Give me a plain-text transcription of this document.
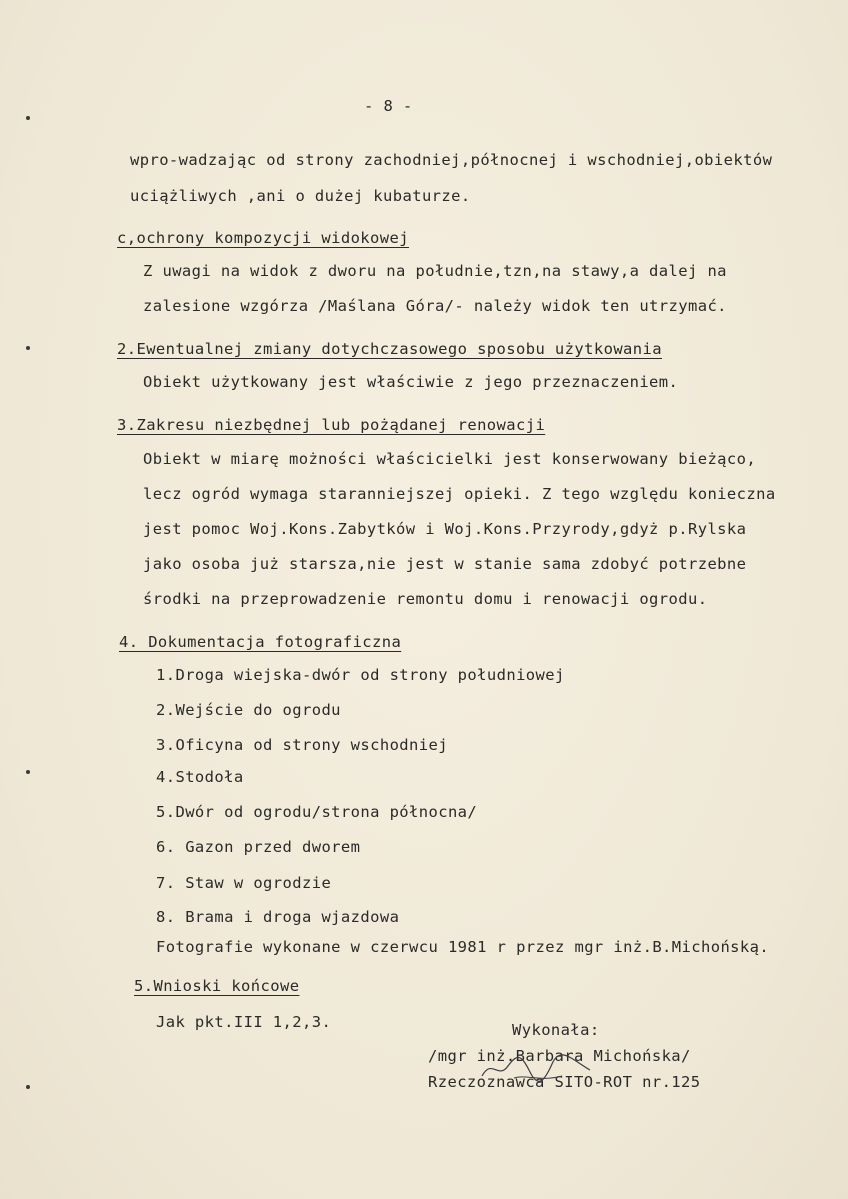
- 8 -
wpro-wadzając od strony zachodniej,północnej i wschodniej,obiektów
uciążliwych ,ani o dużej kubaturze.
c,ochrony kompozycji widokowej
Z uwagi na widok z dworu na południe,tzn,na stawy,a dalej na
zalesione wzgórza /Maślana Góra/- należy widok ten utrzymać.
2.Ewentualnej zmiany dotychczasowego sposobu użytkowania
Obiekt użytkowany jest właściwie z jego przeznaczeniem.
3.Zakresu niezbędnej lub pożądanej renowacji
Obiekt w miarę możności właścicielki jest konserwowany bieżąco,
lecz ogród wymaga staranniejszej opieki. Z tego względu konieczna
jest pomoc Woj.Kons.Zabytków i Woj.Kons.Przyrody,gdyż p.Rylska
jako osoba już starsza,nie jest w stanie sama zdobyć potrzebne
środki na przeprowadzenie remontu domu i renowacji ogrodu.
4. Dokumentacja fotograficzna
1.Droga wiejska-dwór od strony południowej
2.Wejście do ogrodu
3.Oficyna od strony wschodniej
4.Stodoła
5.Dwór od ogrodu/strona północna/
6. Gazon przed dworem
7. Staw w ogrodzie
8. Brama i droga wjazdowa
Fotografie wykonane w czerwcu 1981 r przez mgr inż.B.Michońską.
5.Wnioski końcowe
Jak pkt.III 1,2,3.	Wykonała:
/mgr inż.Barbara Michońska/
Rzeczoznawca SITO-ROT nr.125
